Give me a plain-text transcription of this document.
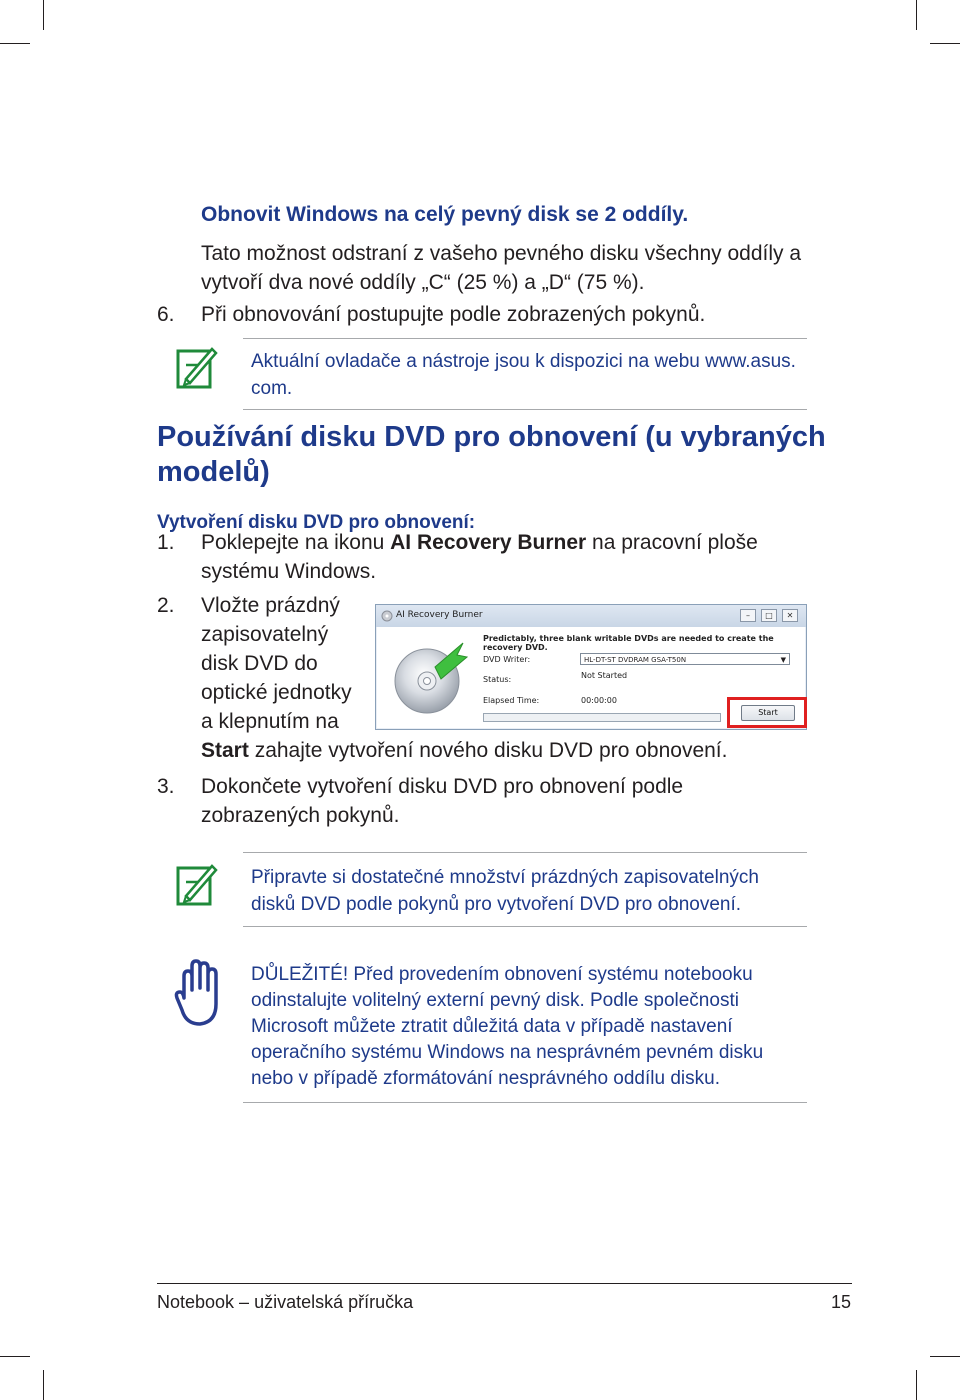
Obnovit Windows na celý pevný disk se 2 oddíly.
Tato možnost odstraní z vašeho pevného disku všechny oddíly a
vytvoří dva nové oddíly „C“ (25 %) a „D“ (75 %).
6. Při obnovování postupujte podle zobrazených pokynů.
Aktuální ovladače a nástroje jsou k dispozici na webu www.asus.
com.
Používání disku DVD pro obnovení (u vybraných
modelů)
Vytvoření disku DVD pro obnovení:
1. Poklepejte na ikonu AI Recovery Burner na pracovní ploše
systému Windows.
2. Vložte prázdný
zapisovatelný
disk DVD do
optické jednotky
a klepnutím na
Start zahajte vytvoření nového disku DVD pro obnovení.
AI Recovery Burner	–	□	✕
Predictably, three blank writable DVDs are needed to create the recovery DVD.
DVD Writer:	HL-DT-ST DVDRAM GSA-T50N	▼
Status:	Not Started
Elapsed Time:	00:00:00
Start
3. Dokončete vytvoření disku DVD pro obnovení podle
zobrazených pokynů.
Připravte si dostatečné množství prázdných zapisovatelných
disků DVD podle pokynů pro vytvoření DVD pro obnovení.
DŮLEŽITÉ! Před provedením obnovení systému notebooku
odinstalujte volitelný externí pevný disk. Podle společnosti
Microsoft můžete ztratit důležitá data v případě nastavení
operačního systému Windows na nesprávném pevném disku
nebo v případě zformátování nesprávného oddílu disku.
Notebook – uživatelská příručka	15
